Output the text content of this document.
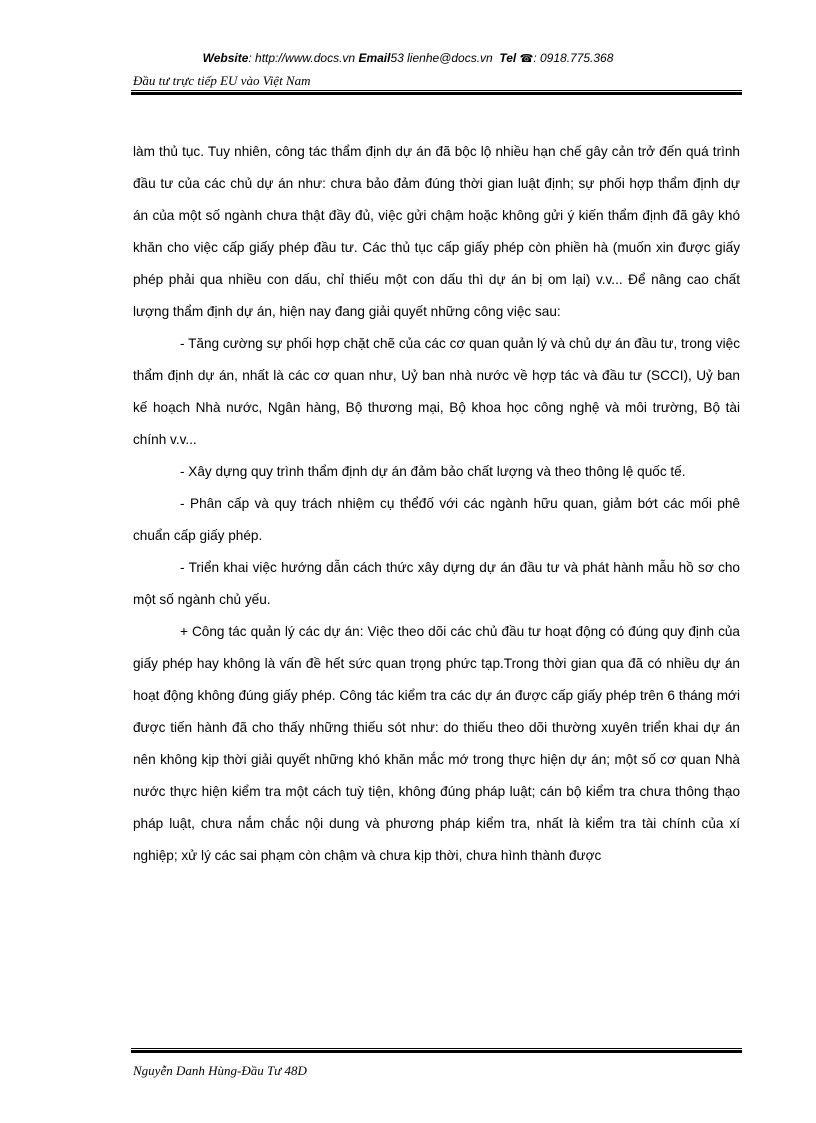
Website: http://www.docs.vn Email53 lienhe@docs.vn Tel ☎: 0918.775.368
Đầu tư trực tiếp EU vào Việt Nam

làm thủ tục. Tuy nhiên, công tác thẩm định dự án đã bộc lộ nhiều hạn chế gây cản trở đến quá trình đầu tư của các chủ dự án như: chưa bảo đảm đúng thời gian luật định; sự phối hợp thẩm định dự án của một số ngành chưa thật đầy đủ, việc gửi chậm hoặc không gửi ý kiến thẩm định đã gây khó khăn cho việc cấp giấy phép đầu tư. Các thủ tục cấp giấy phép còn phiền hà (muốn xin được giấy phép phải qua nhiều con dấu, chỉ thiếu một con dấu thì dự án bị om lại) v.v... Để nâng cao chất lượng thẩm định dự án, hiện nay đang giải quyết những công việc sau:

- Tăng cường sự phối hợp chặt chẽ của các cơ quan quản lý và chủ dự án đầu tư, trong việc thẩm định dự án, nhất là các cơ quan như, Uỷ ban nhà nước về hợp tác và đầu tư (SCCI), Uỷ ban kế hoạch Nhà nước, Ngân hàng, Bộ thương mại, Bộ khoa học công nghệ và môi trường, Bộ tài chính v.v...

- Xây dựng quy trình thẩm định dự án đảm bảo chất lượng và theo thông lệ quốc tế.

- Phân cấp và quy trách nhiệm cụ thểđố với các ngành hữu quan, giảm bớt các mối phê chuẩn cấp giấy phép.

- Triển khai việc hướng dẫn cách thức xây dựng dự án đầu tư và phát hành mẫu hồ sơ cho một số ngành chủ yếu.

+ Công tác quản lý các dự án: Việc theo dõi các chủ đầu tư hoạt động có đúng quy định của giấy phép hay không là vấn đề hết sức quan trọng phức tạp.Trong thời gian qua đã có nhiều dự án hoạt động không đúng giấy phép. Công tác kiểm tra các dự án được cấp giấy phép trên 6 tháng mới được tiến hành đã cho thấy những thiếu sót như: do thiếu theo dõi thường xuyên triển khai dự án nên không kịp thời giải quyết những khó khăn mắc mớ trong thực hiện dự án; một số cơ quan Nhà nước thực hiện kiểm tra một cách tuỳ tiện, không đúng pháp luật; cán bộ kiểm tra chưa thông thạo pháp luật, chưa nắm chắc nội dung và phương pháp kiểm tra, nhất là kiểm tra tài chính của xí nghiệp; xử lý các sai phạm còn chậm và chưa kịp thời, chưa hình thành được

Nguyễn Danh Hùng-Đầu Tư 48D
